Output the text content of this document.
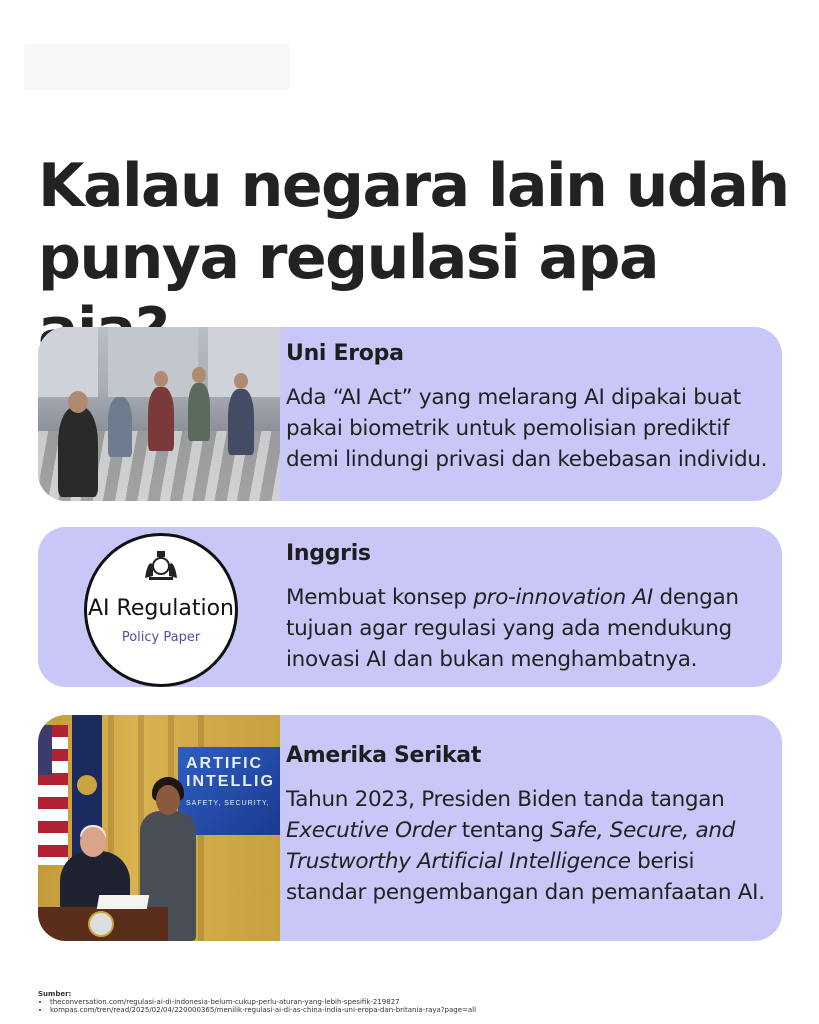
Kalau negara lain udah
punya regulasi apa
Uni Eropa

Ada “AI Act” yang melarang AI dipakai buat pakai biometrik untuk pemolisian prediktif demi lindungi privasi dan kebebasan individu.

AI Regulation
Policy Paper
Inggris

Membuat konsep pro-innovation AI dengan tujuan agar regulasi yang ada mendukung inovasi AI dan bukan menghambatnya.

ARTIFIC
INTELLIG
SAFETY, SECURITY,
Amerika Serikat

Tahun 2023, Presiden Biden tanda tangan Executive Order tentang Safe, Secure, and Trustworthy Artificial Intelligence berisi standar pengembangan dan pemanfaatan AI.

Sumber:
• theconversation.com/regulasi-ai-di-indonesia-belum-cukup-perlu-aturan-yang-lebih-spesifik-219827
• kompas.com/tren/read/2025/02/04/220000365/menilik-regulasi-ai-di-as-china-india-uni-eropa-dan-britania-raya?page=all
